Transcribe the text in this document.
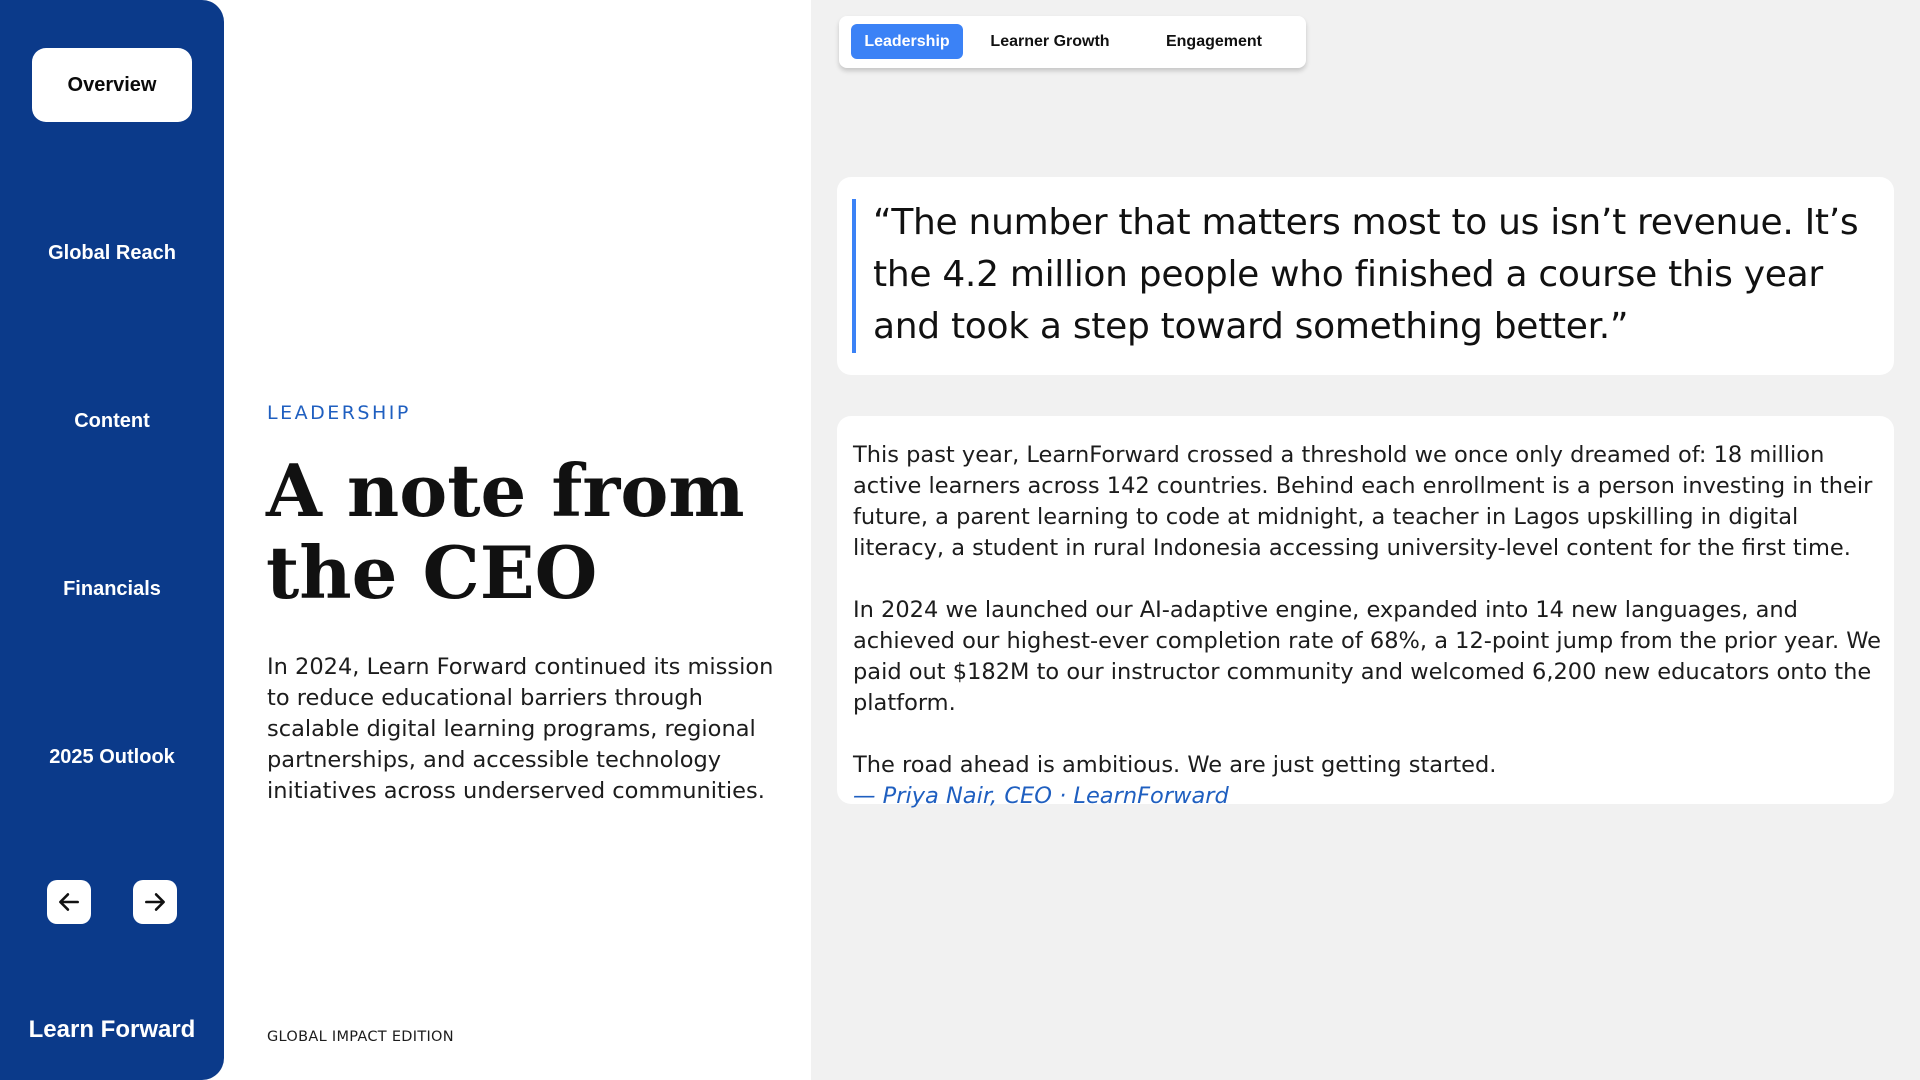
Overview
Global Reach
Content
Financials
2025 Outlook
Learn Forward
LEADERSHIP
A note from the CEO

In 2024, Learn Forward continued its mission to reduce educational barriers through scalable digital learning programs, regional partnerships, and accessible technology initiatives across underserved communities.

GLOBAL IMPACT EDITION
Leadership	Learner Growth	Engagement
“The number that matters most to us isn’t revenue. It’s the 4.2 million people who finished a course this year and took a step toward something better.”

This past year, LearnForward crossed a threshold we once only dreamed of: 18 million active learners across 142 countries. Behind each enrollment is a person investing in their future, a parent learning to code at midnight, a teacher in Lagos upskilling in digital literacy, a student in rural Indonesia accessing university-level content for the first time.

In 2024 we launched our AI-adaptive engine, expanded into 14 new languages, and achieved our highest-ever completion rate of 68%, a 12-point jump from the prior year. We paid out $182M to our instructor community and welcomed 6,200 new educators onto the platform.

The road ahead is ambitious. We are just getting started.
— Priya Nair, CEO · LearnForward
